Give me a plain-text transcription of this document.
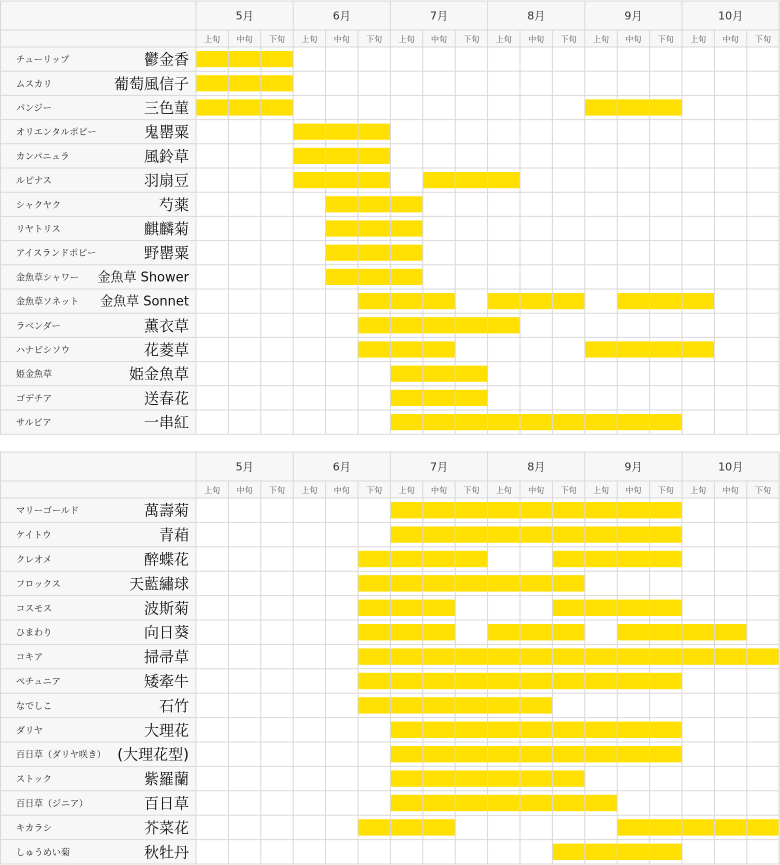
5月	6月	7月	8月	9月	10月
上旬 中旬 下旬 上旬 中旬 下旬 上旬 中旬 下旬 上旬 中旬 下旬 上旬 中旬 下旬 上旬 中旬 下旬
チューリップ	鬱金香
ムスカリ	葡萄風信子
パンジー	三色菫
オリエンタルポピー	鬼罌粟
カンパニュラ	風鈴草
ルピナス	羽扇豆
シャクヤク	芍薬
リヤトリス	麒麟菊
アイスランドポピー	野罌粟
金魚草シャワー 金魚草 Shower
金魚草ソネット 金魚草 Sonnet
ラベンダー	薫衣草
ハナビシソウ	花菱草
姫金魚草	姫金魚草
ゴデチア	送春花
サルビア	一串紅
5月	6月	7月	8月	9月	10月
上旬 中旬 下旬 上旬 中旬 下旬 上旬 中旬 下旬 上旬 中旬 下旬 上旬 中旬 下旬 上旬 中旬 下旬
マリーゴールド	萬壽菊
ケイトウ	青葙
クレオメ	醉蝶花
フロックス	天藍繡球
コスモス	波斯菊
ひまわり	向日葵
コキア	掃帚草
ペチュニア	矮牽牛
なでしこ	石竹
ダリヤ	大理花
百日草（ダリヤ咲き） (大理花型)
ストック	紫羅蘭
百日草（ジニア）	百日草
キカラシ	芥菜花
しゅうめい菊	秋牡丹
